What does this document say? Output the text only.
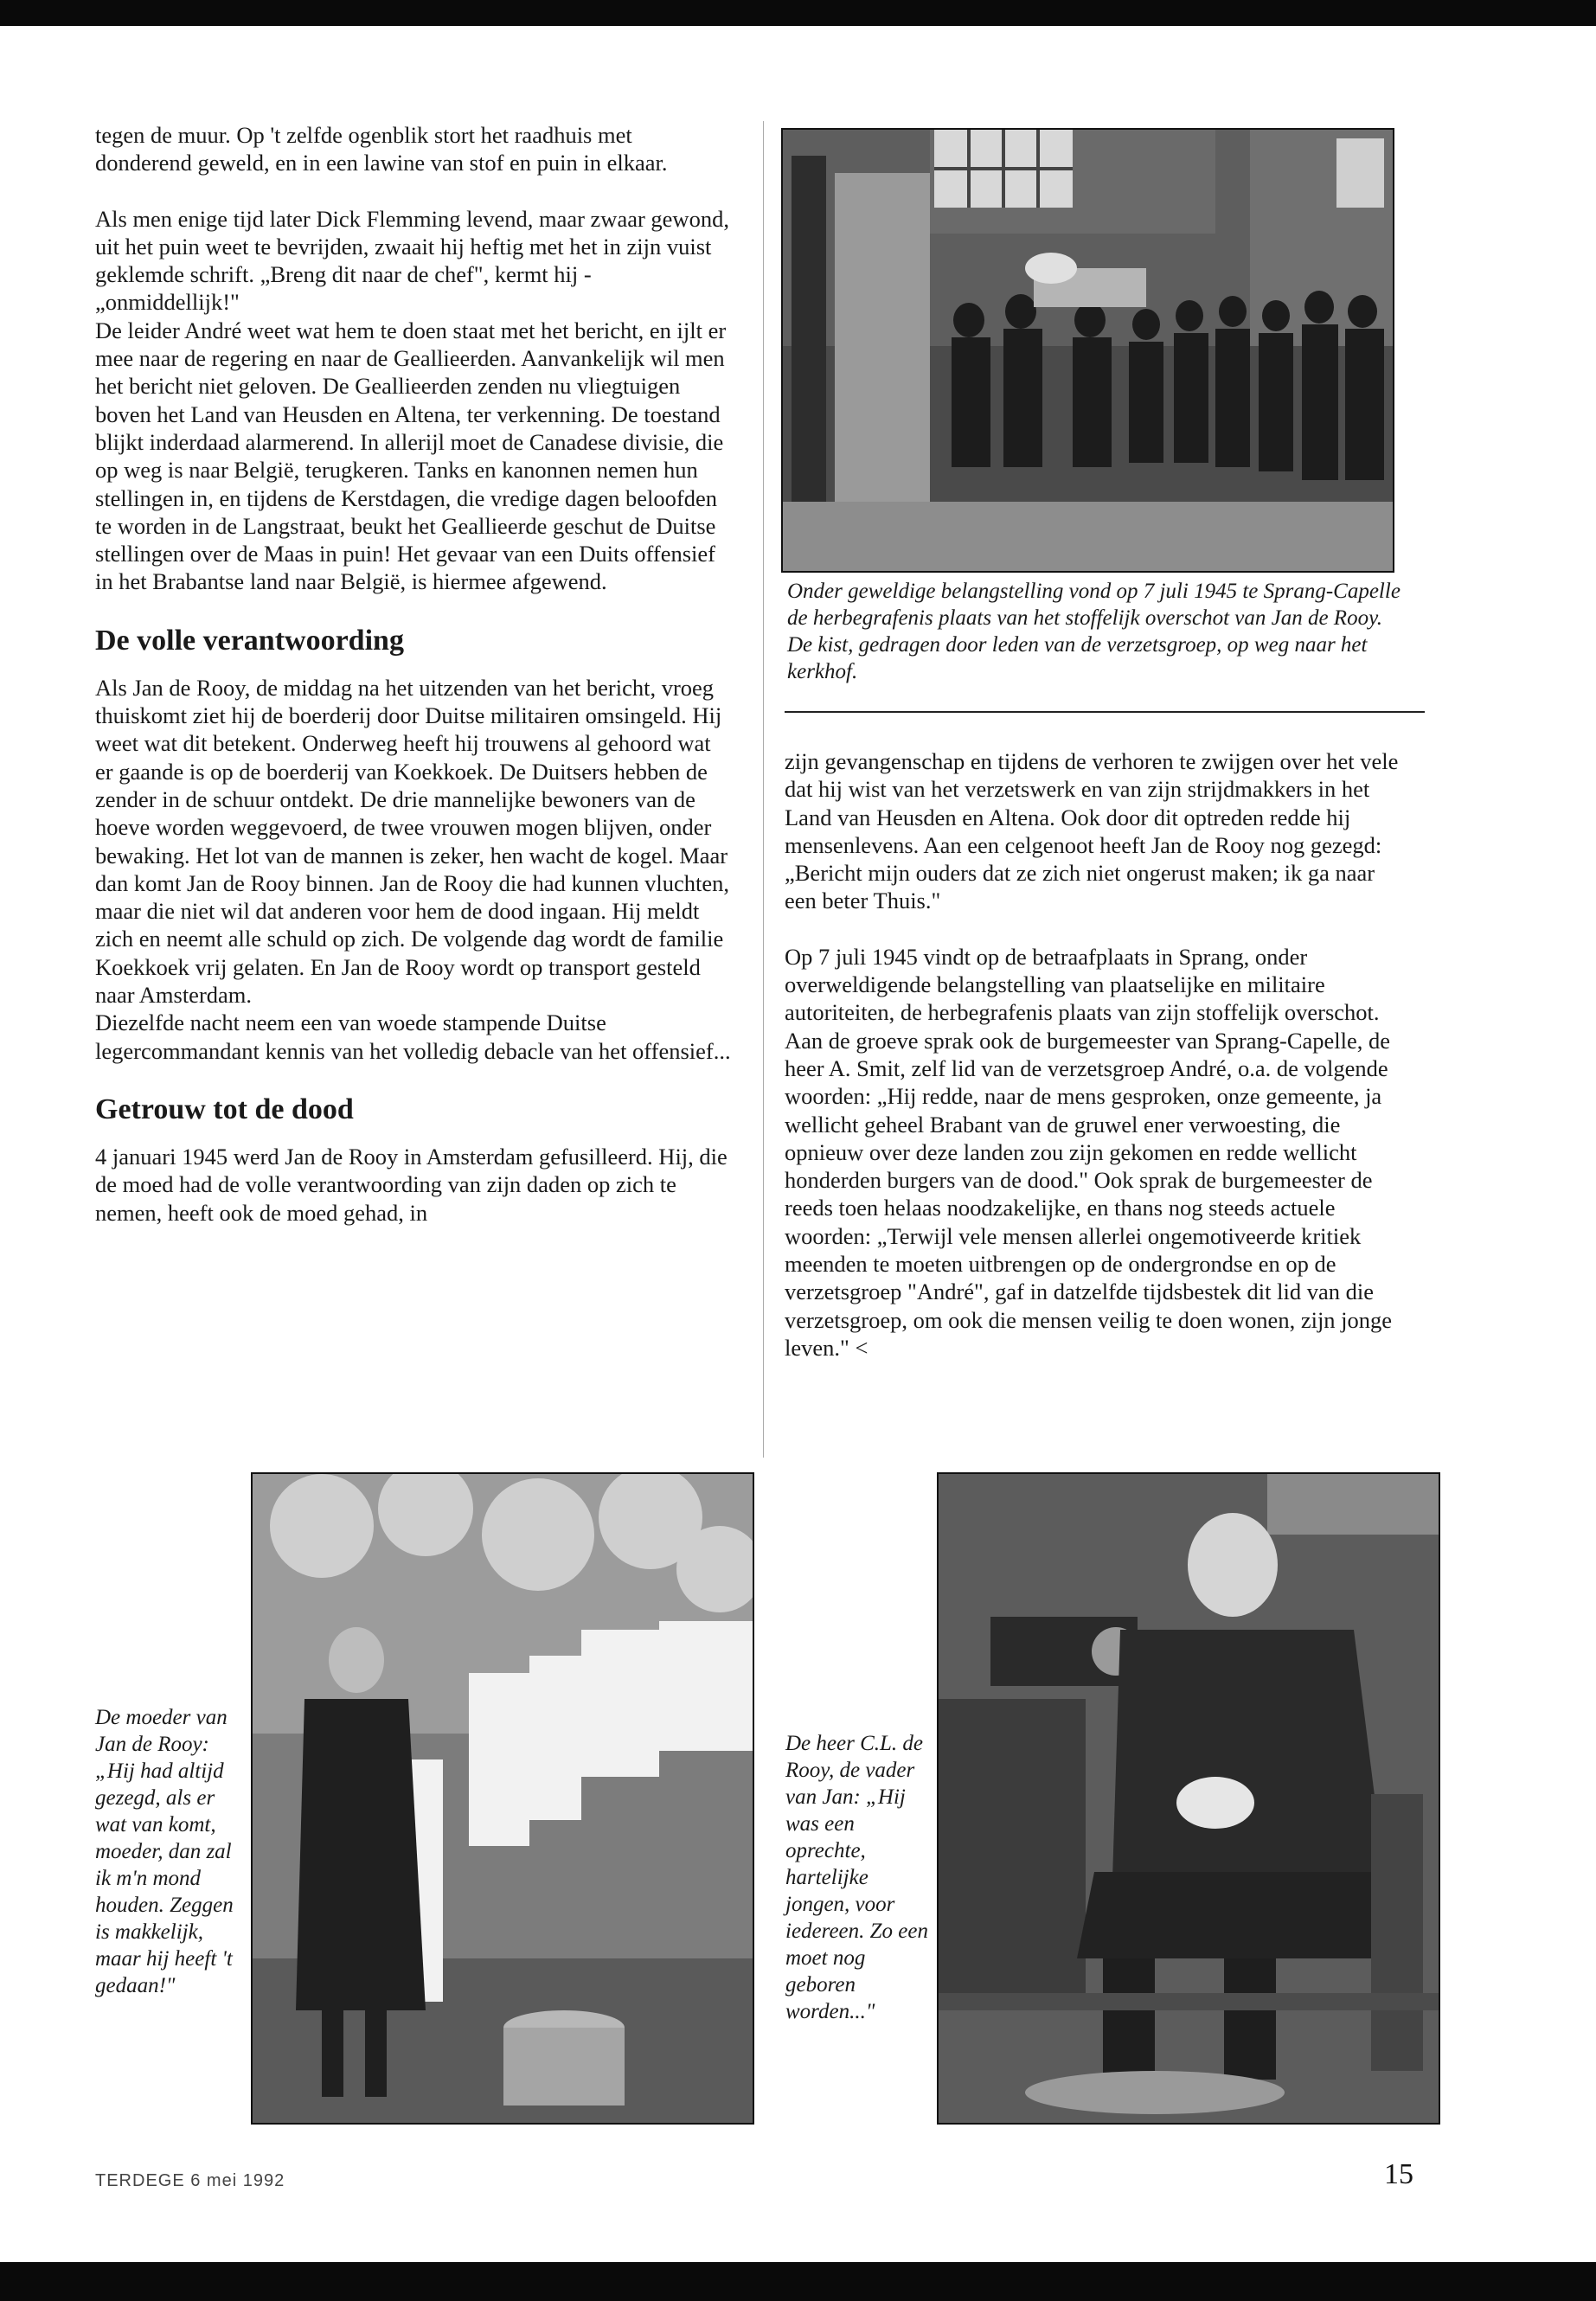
tegen de muur. Op 't zelfde ogenblik stort het raadhuis met donderend geweld, en in een lawine van stof en puin in elkaar.

Als men enige tijd later Dick Flemming levend, maar zwaar gewond, uit het puin weet te bevrijden, zwaait hij heftig met het in zijn vuist geklemde schrift. „Breng dit naar de chef", kermt hij - „onmiddellijk!"

De leider André weet wat hem te doen staat met het bericht, en ijlt er mee naar de regering en naar de Geallieerden. Aanvankelijk wil men het bericht niet geloven. De Geallieerden zenden nu vliegtuigen boven het Land van Heusden en Altena, ter verkenning. De toestand blijkt inderdaad alarmerend. In allerijl moet de Canadese divisie, die op weg is naar België, terugkeren. Tanks en kanonnen nemen hun stellingen in, en tijdens de Kerstdagen, die vredige dagen beloofden te worden in de Langstraat, beukt het Geallieerde geschut de Duitse stellingen over de Maas in puin! Het gevaar van een Duits offensief in het Brabantse land naar België, is hiermee afgewend.

De volle verantwoording

Als Jan de Rooy, de middag na het uitzenden van het bericht, vroeg thuiskomt ziet hij de boerderij door Duitse militairen omsingeld. Hij weet wat dit betekent. Onderweg heeft hij trouwens al gehoord wat er gaande is op de boerderij van Koekkoek. De Duitsers hebben de zender in de schuur ontdekt. De drie mannelijke bewoners van de hoeve worden weggevoerd, de twee vrouwen mogen blijven, onder bewaking. Het lot van de mannen is zeker, hen wacht de kogel. Maar dan komt Jan de Rooy binnen. Jan de Rooy die had kunnen vluchten, maar die niet wil dat anderen voor hem de dood ingaan. Hij meldt zich en neemt alle schuld op zich. De volgende dag wordt de familie Koekkoek vrij gelaten. En Jan de Rooy wordt op transport gesteld naar Amsterdam.

Diezelfde nacht neem een van woede stampende Duitse legercommandant kennis van het volledig debacle van het offensief...

Getrouw tot de dood

4 januari 1945 werd Jan de Rooy in Amsterdam gefusilleerd. Hij, die de moed had de volle verantwoording van zijn daden op zich te nemen, heeft ook de moed gehad, in

Onder geweldige belangstelling vond op 7 juli 1945 te Sprang-Capelle de herbegrafenis plaats van het stoffelijk overschot van Jan de Rooy. De kist, gedragen door leden van de verzetsgroep, op weg naar het kerkhof.

zijn gevangenschap en tijdens de verhoren te zwijgen over het vele dat hij wist van het verzetswerk en van zijn strijdmakkers in het Land van Heusden en Altena. Ook door dit optreden redde hij mensenlevens. Aan een celgenoot heeft Jan de Rooy nog gezegd: „Bericht mijn ouders dat ze zich niet ongerust maken; ik ga naar een beter Thuis."

Op 7 juli 1945 vindt op de betraafplaats in Sprang, onder overweldigende belangstelling van plaatselijke en militaire autoriteiten, de herbegrafenis plaats van zijn stoffelijk overschot.

Aan de groeve sprak ook de burgemeester van Sprang-Capelle, de heer A. Smit, zelf lid van de verzetsgroep André, o.a. de volgende woorden: „Hij redde, naar de mens gesproken, onze gemeente, ja wellicht geheel Brabant van de gruwel ener verwoesting, die opnieuw over deze landen zou zijn gekomen en redde wellicht honderden burgers van de dood." Ook sprak de burgemeester de reeds toen helaas noodzakelijke, en thans nog steeds actuele woorden: „Terwijl vele mensen allerlei ongemotiveerde kritiek meenden te moeten uitbrengen op de ondergrondse en op de verzetsgroep "André", gaf in datzelfde tijdsbestek dit lid van die verzetsgroep, om ook die mensen veilig te doen wonen, zijn jonge leven." <

De moeder van Jan de Rooy: „Hij had altijd gezegd, als er wat van komt, moeder, dan zal ik m'n mond houden. Zeggen is makkelijk, maar hij heeft 't gedaan!"
De heer C.L. de Rooy, de vader van Jan: „Hij was een oprechte, hartelijke jongen, voor iedereen. Zo een moet nog geboren worden..."
TERDEGE 6 mei 1992	15
